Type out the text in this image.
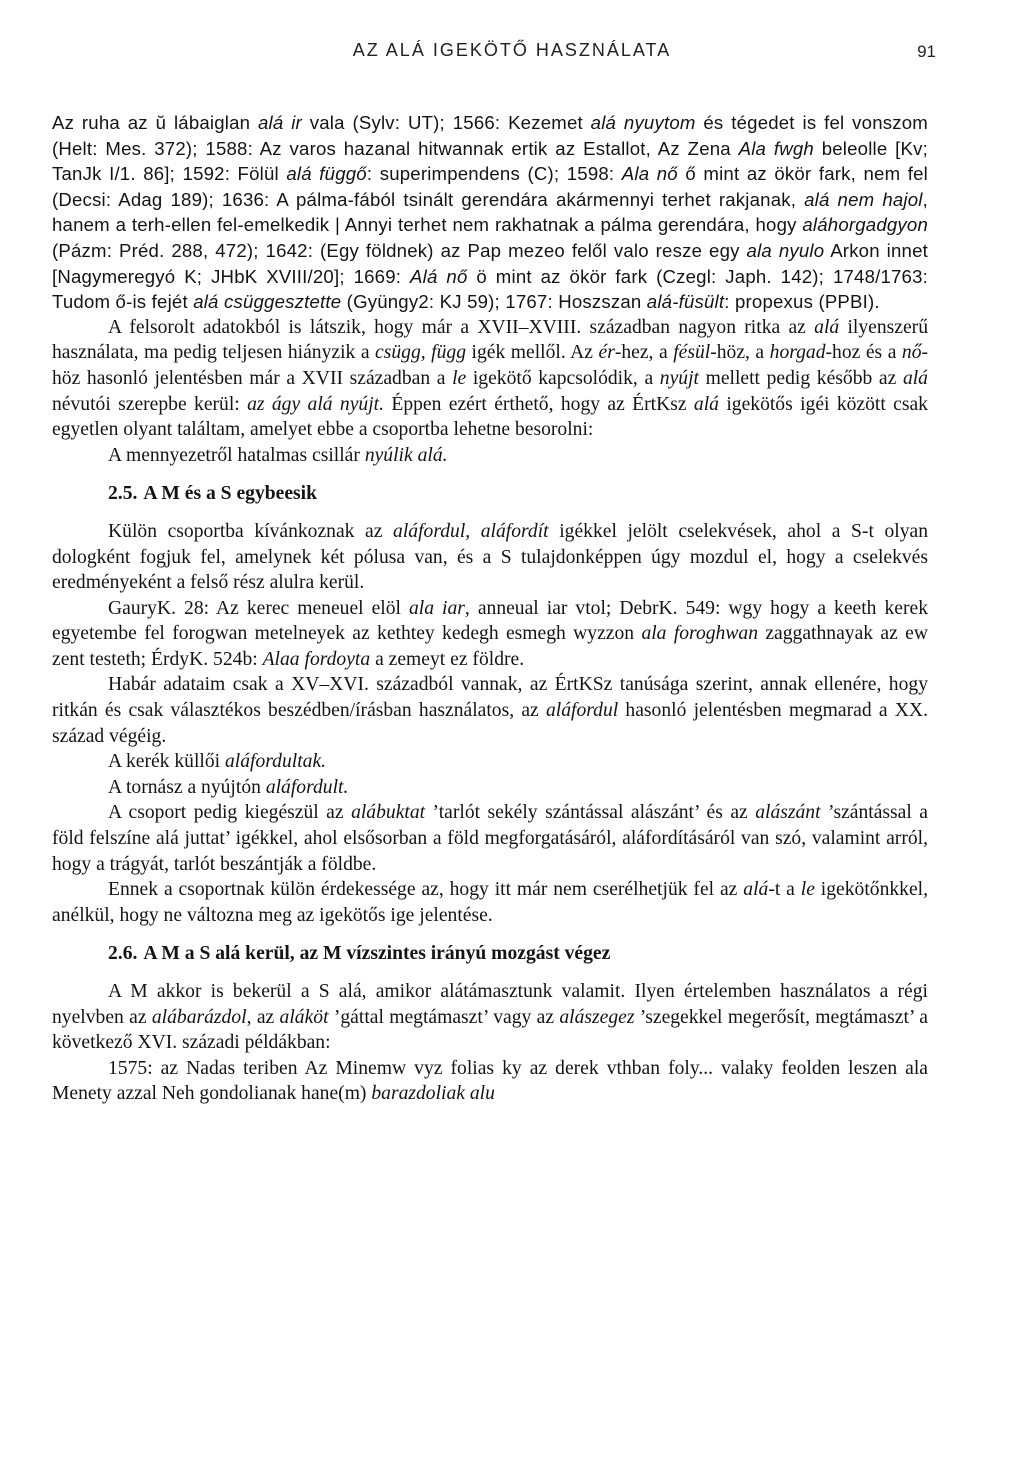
AZ ALÁ IGEKÖTŐ HASZNÁLATA	91

Az ruha az ŭ lábaiglan alá ir vala (Sylv: UT); 1566: Kezemet alá nyuytom és tégedet is fel vonszom (Helt: Mes. 372); 1588: Az varos hazanal hitwannak ertik az Estallot, Az Zena Ala fwgh beleolle [Kv; TanJk I/1. 86]; 1592: Fölül alá függő: superimpendens (C); 1598: Ala nő ő mint az ökör fark, nem fel (Decsi: Adag 189); 1636: A pálma-fából tsinált gerendára akármennyi terhet rakjanak, alá nem hajol, hanem a terh-ellen fel-emelkedik | Annyi terhet nem rakhatnak a pálma gerendára, hogy aláhorgadgyon (Pázm: Préd. 288, 472); 1642: (Egy földnek) az Pap mezeo felől valo resze egy ala nyulo Arkon innet [Nagymeregyó K; JHbK XVIII/20]; 1669: Alá nő ö mint az ökör fark (Czegl: Japh. 142); 1748/1763: Tudom ő-is fejét alá csüggesztette (Gyüngy2: KJ 59); 1767: Hoszszan alá-füsült: propexus (PPBI).

A felsorolt adatokból is látszik, hogy már a XVII–XVIII. században nagyon ritka az alá ilyenszerű használata, ma pedig teljesen hiányzik a csügg, függ igék mellől. Az ér-hez, a fésül-höz, a horgad-hoz és a nő-höz hasonló jelentésben már a XVII században a le igekötő kapcsolódik, a nyújt mellett pedig később az alá névutói szerepbe kerül: az ágy alá nyújt. Éppen ezért érthető, hogy az ÉrtKsz alá igekötős igéi között csak egyetlen olyant találtam, amelyet ebbe a csoportba lehetne besorolni:

A mennyezetről hatalmas csillár nyúlik alá.

2.5. A M és a S egybeesik

Külön csoportba kívánkoznak az aláfordul, aláfordít igékkel jelölt cselekvések, ahol a S-t olyan dologként fogjuk fel, amelynek két pólusa van, és a S tulajdonképpen úgy mozdul el, hogy a cselekvés eredményeként a felső rész alulra kerül.

GauryK. 28: Az kerec meneuel elöl ala iar, anneual iar vtol; DebrK. 549: wgy hogy a keeth kerek egyetembe fel forogwan metelneyek az kethtey kedegh esmegh wyzzon ala foroghwan zaggathnayak az ew zent testeth; ÉrdyK. 524b: Alaa fordoyta a zemeyt ez földre.

Habár adataim csak a XV–XVI. századból vannak, az ÉrtKSz tanúsága szerint, annak ellenére, hogy ritkán és csak választékos beszédben/írásban használatos, az aláfordul hasonló jelentésben megmarad a XX. század végéig.

A kerék küllői aláfordultak.

A tornász a nyújtón aláfordult.

A csoport pedig kiegészül az alábuktat ’tarlót sekély szántással alászánt’ és az alászánt ’szántással a föld felszíne alá juttat’ igékkel, ahol elsősorban a föld megforgatásáról, aláfordításáról van szó, valamint arról, hogy a trágyát, tarlót beszántják a földbe.

Ennek a csoportnak külön érdekessége az, hogy itt már nem cserélhetjük fel az alá-t a le igekötőnkkel, anélkül, hogy ne változna meg az igekötős ige jelentése.

2.6. A M a S alá kerül, az M vízszintes irányú mozgást végez

A M akkor is bekerül a S alá, amikor alátámasztunk valamit. Ilyen értelemben használatos a régi nyelvben az alábarázdol, az aláköt ’gáttal megtámaszt’ vagy az alászegez ’szegekkel megerősít, megtámaszt’ a következő XVI. századi példákban:

1575: az Nadas teriben Az Minemw vyz folias ky az derek vthban foly... valaky feolden leszen ala Menety azzal Neh gondolianak hane(m) barazdoliak alu
